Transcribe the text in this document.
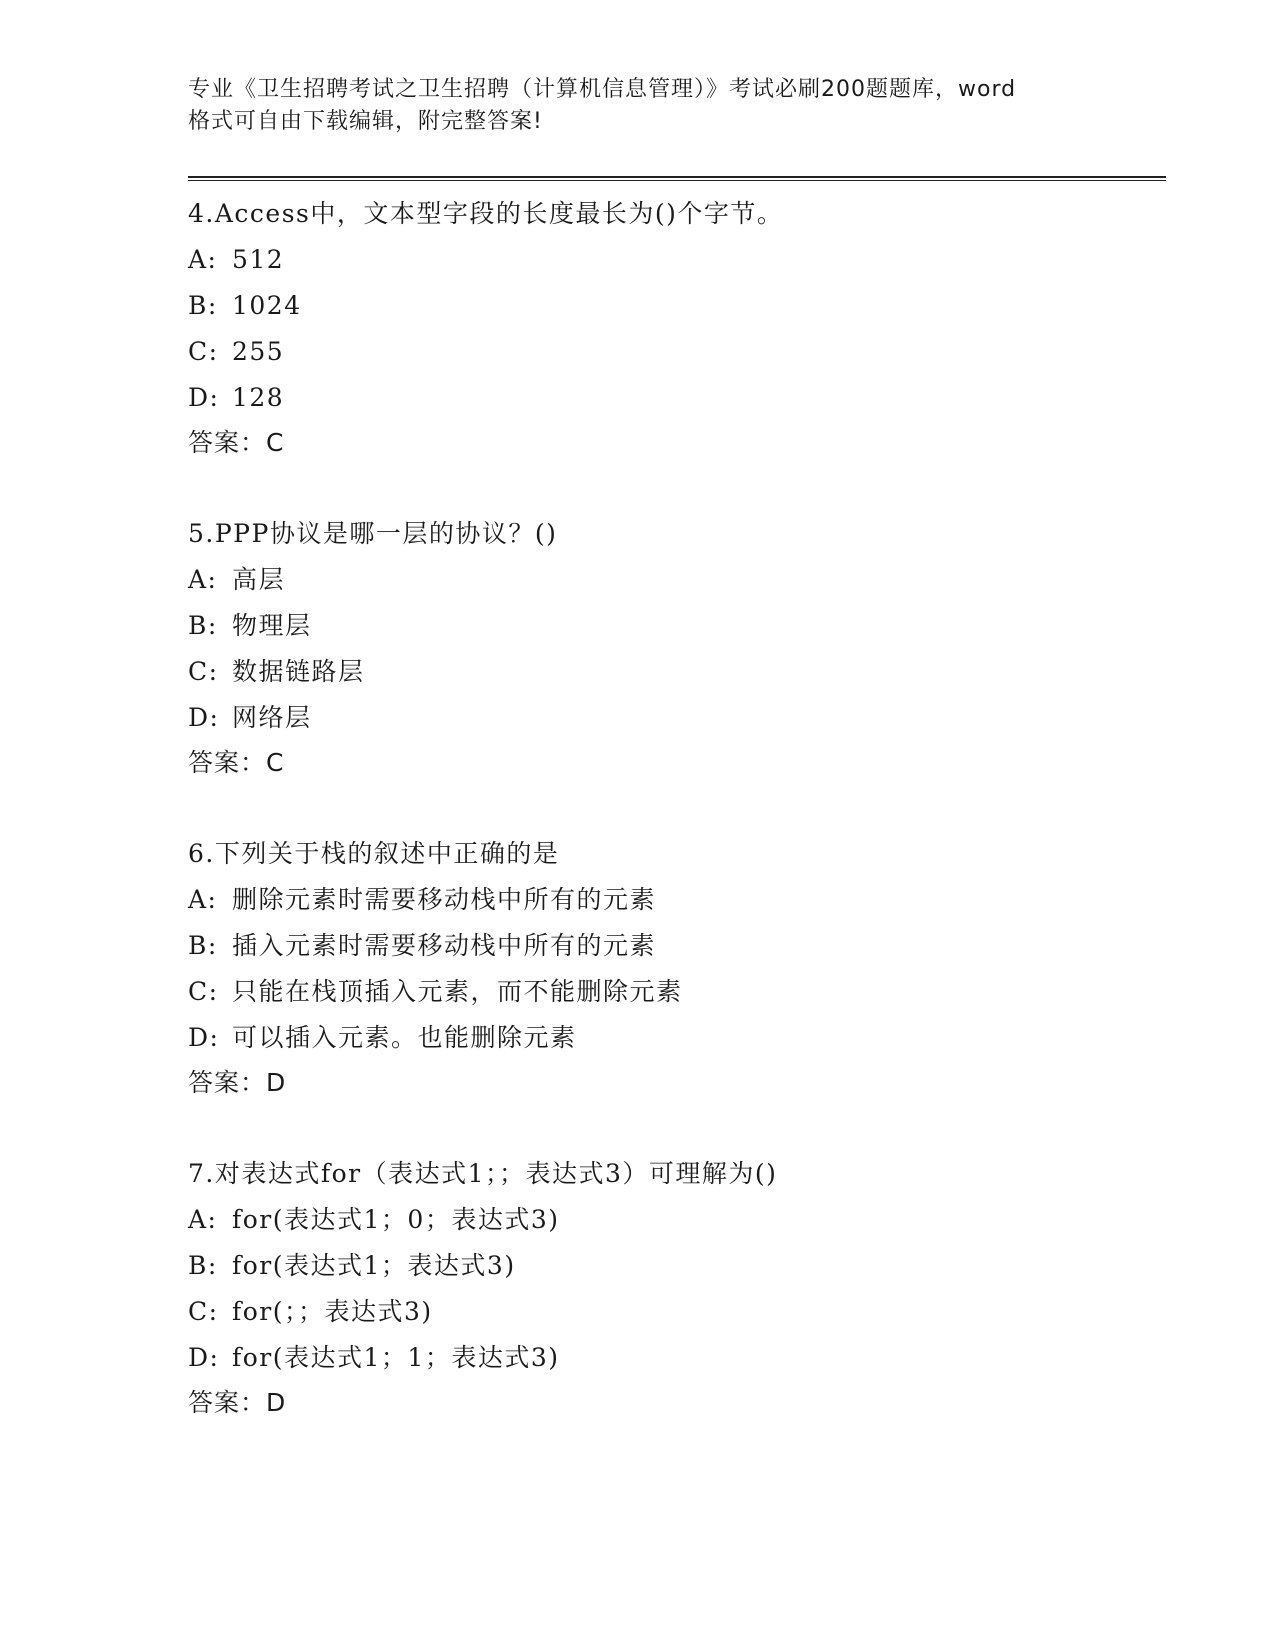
专业《卫生招聘考试之卫生招聘（计算机信息管理）》考试必刷200题题库，word
格式可自由下载编辑，附完整答案!
4.Access中，文本型字段的长度最长为()个字节。
A: 512
B: 1024
C: 255
D: 128
答案：C
5.PPP协议是哪一层的协议？()
A: 高层
B: 物理层
C: 数据链路层
D: 网络层
答案：C
6.下列关于栈的叙述中正确的是
A: 删除元素时需要移动栈中所有的元素
B: 插入元素时需要移动栈中所有的元素
C: 只能在栈顶插入元素，而不能删除元素
D: 可以插入元素。也能删除元素
答案：D
7.对表达式for（表达式1；；表达式3）可理解为()
A: for(表达式1；0；表达式3)
B: for(表达式1；表达式3)
C: for(；；表达式3)
D: for(表达式1；1；表达式3)
答案：D
